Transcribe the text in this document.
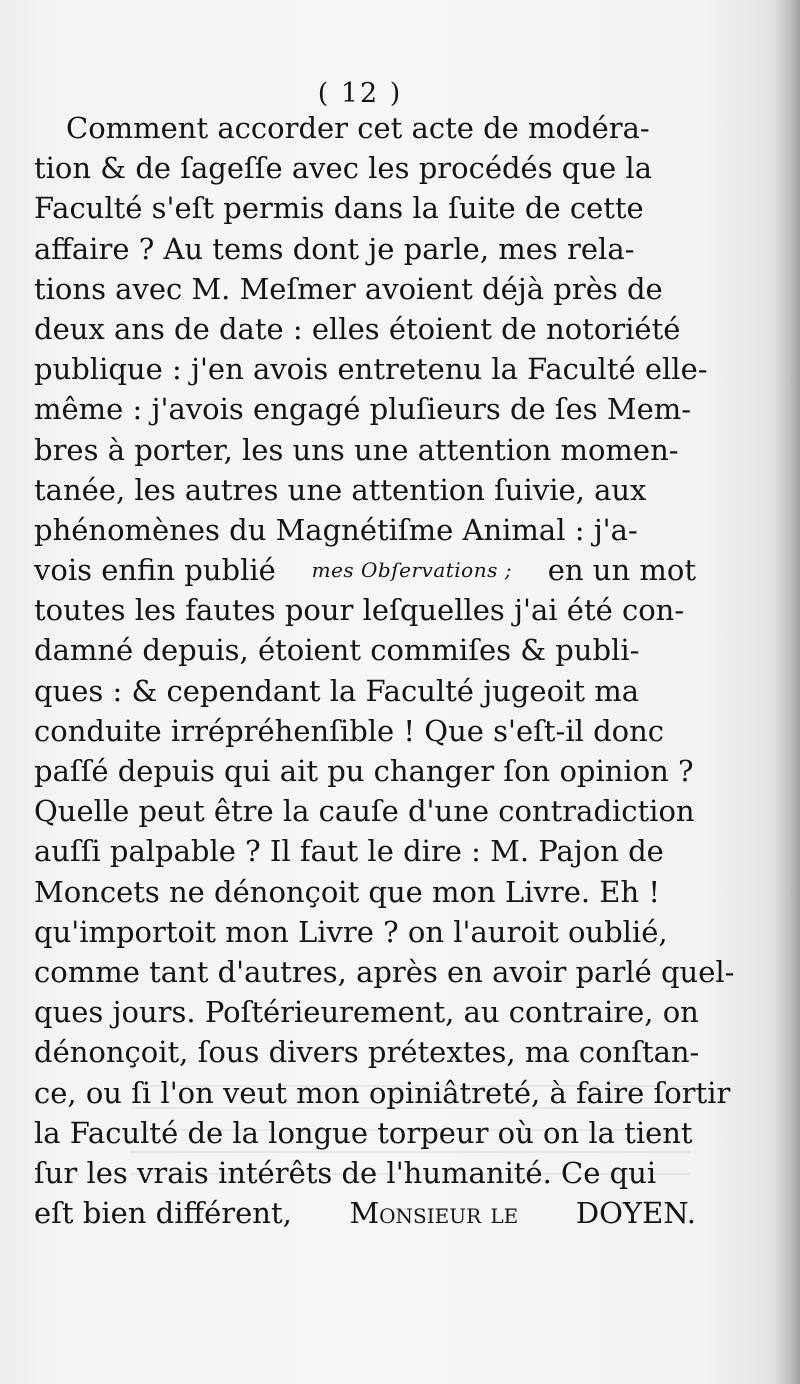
( 12 )
Comment accorder cet acte de modéra-
tion & de ſageſſe avec les procédés que la
Faculté s'eſt permis dans la ſuite de cette
affaire ? Au tems dont je parle, mes rela-
tions avec M. Meſmer avoient déjà près de
deux ans de date : elles étoient de notoriété
publique : j'en avois entretenu la Faculté elle-
même : j'avois engagé pluſieurs de ſes Mem-
bres à porter, les uns une attention momen-
tanée, les autres une attention ſuivie, aux
phénomènes du Magnétiſme Animal : j'a-
vois enfin publié mes Obſervations ; en un mot
toutes les fautes pour leſquelles j'ai été con-
damné depuis, étoient commiſes & publi-
ques : & cependant la Faculté jugeoit ma
conduite irrépréhenſible ! Que s'eſt-il donc
paſſé depuis qui ait pu changer ſon opinion ?
Quelle peut être la cauſe d'une contradiction
auſſi palpable ? Il faut le dire : M. Pajon de
Moncets ne dénonçoit que mon Livre. Eh !
qu'importoit mon Livre ? on l'auroit oublié,
comme tant d'autres, après en avoir parlé quel-
ques jours. Poſtérieurement, au contraire, on
dénonçoit, ſous divers prétextes, ma conſtan-
ce, ou ſi l'on veut mon opiniâtreté, à faire ſortir
la Faculté de la longue torpeur où on la tient
ſur les vrais intérêts de l'humanité. Ce qui
eſt bien différent, Monsieur le DOYEN.
